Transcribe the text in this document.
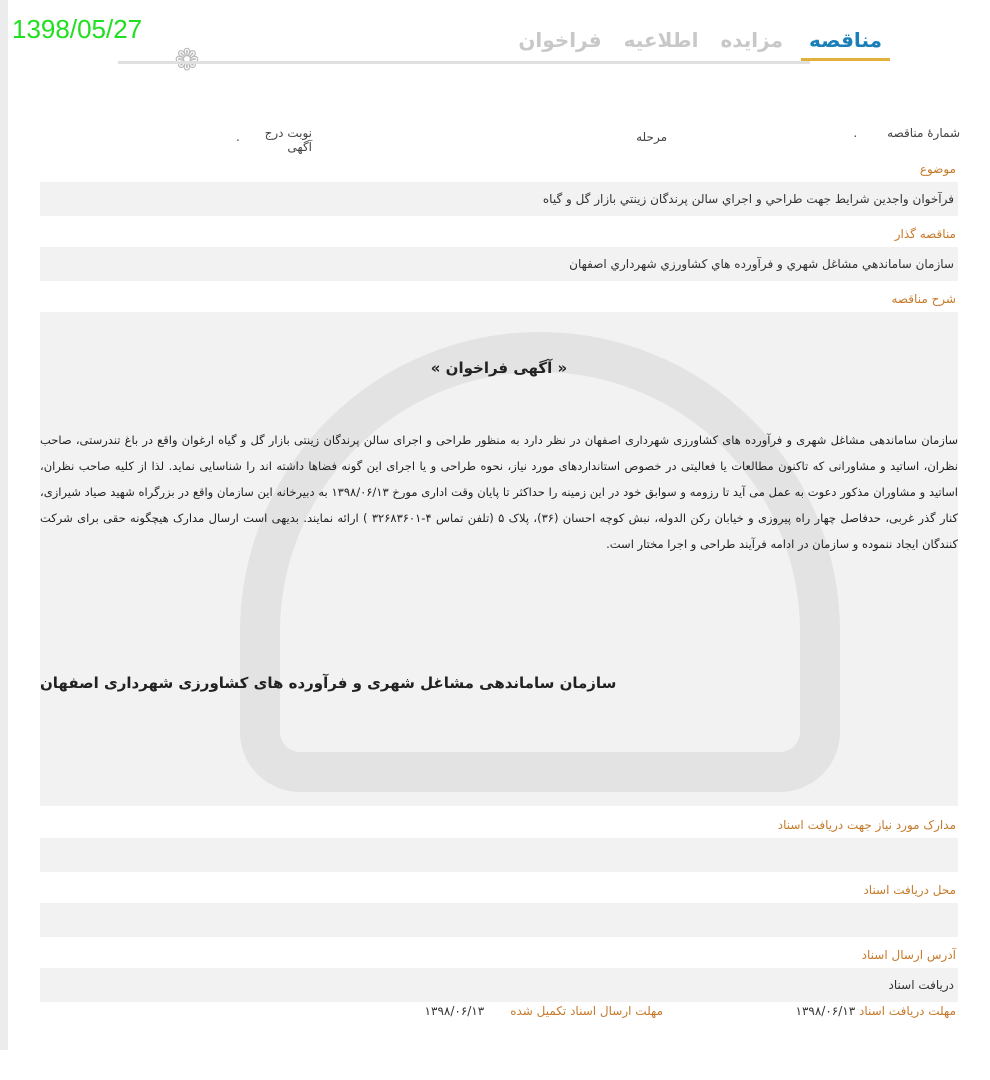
1398/05/27	مناقصه
مزایده
اطلاعیه
فراخوان
شمارهٔ مناقصه.
مرحله
نوبت درج آگهی
.
موضوع
فرآخوان واجدین شرایط جهت طراحي و اجراي سالن پرندگان زينتي بازار گل و گياه
مناقصه گذار
سازمان ساماندهي مشاغل شهري و فرآورده هاي كشاورزي شهرداري اصفهان
شرح مناقصه
« آگهی فراخوان »
سازمان ساماندهی مشاغل شهری و فرآورده های کشاورزی شهرداری اصفهان در نظر دارد به منظور طراحی و اجرای سالن پرندگان زینتی بازار گل و گیاه ارغوان واقع در باغ تندرستی، صاحب نظران، اساتید و مشاورانی که تاکنون مطالعات یا فعالیتی در خصوص استانداردهای مورد نیاز، نحوه طراحی و یا اجرای این گونه فضاها داشته اند را شناسایی نماید. لذا از کلیه صاحب نظران، اساتید و مشاوران مذکور دعوت به عمل می آید تا رزومه و سوابق خود در این زمینه را حداکثر تا پایان وقت اداری مورخ ۱۳۹۸/۰۶/۱۳ به دبیرخانه این سازمان واقع در بزرگراه شهید صیاد شیرازی، کنار گذر غربی، حدفاصل چهار راه پیروزی و خیابان رکن الدوله، نبش کوچه احسان (۳۶)، پلاک ۵ (تلفن تماس ۴-۳۲۶۸۳۶۰۱ ) ارائه نمایند. بدیهی است ارسال مدارک هیچگونه حقی برای شرکت کنندگان ایجاد ننموده و سازمان در ادامه فرآیند طراحی و اجرا مختار است.
سازمان ساماندهی مشاغل شهری و فرآورده های کشاورزی شهرداری اصفهان
مدارک مورد نیاز جهت دریافت اسناد
محل دریافت اسناد
آدرس ارسال اسناد
دریافت اسناد
مهلت دریافت اسناد ۱۳۹۸/۰۶/۱۳
مهلت ارسال اسناد تکمیل شده۱۳۹۸/۰۶/۱۳
